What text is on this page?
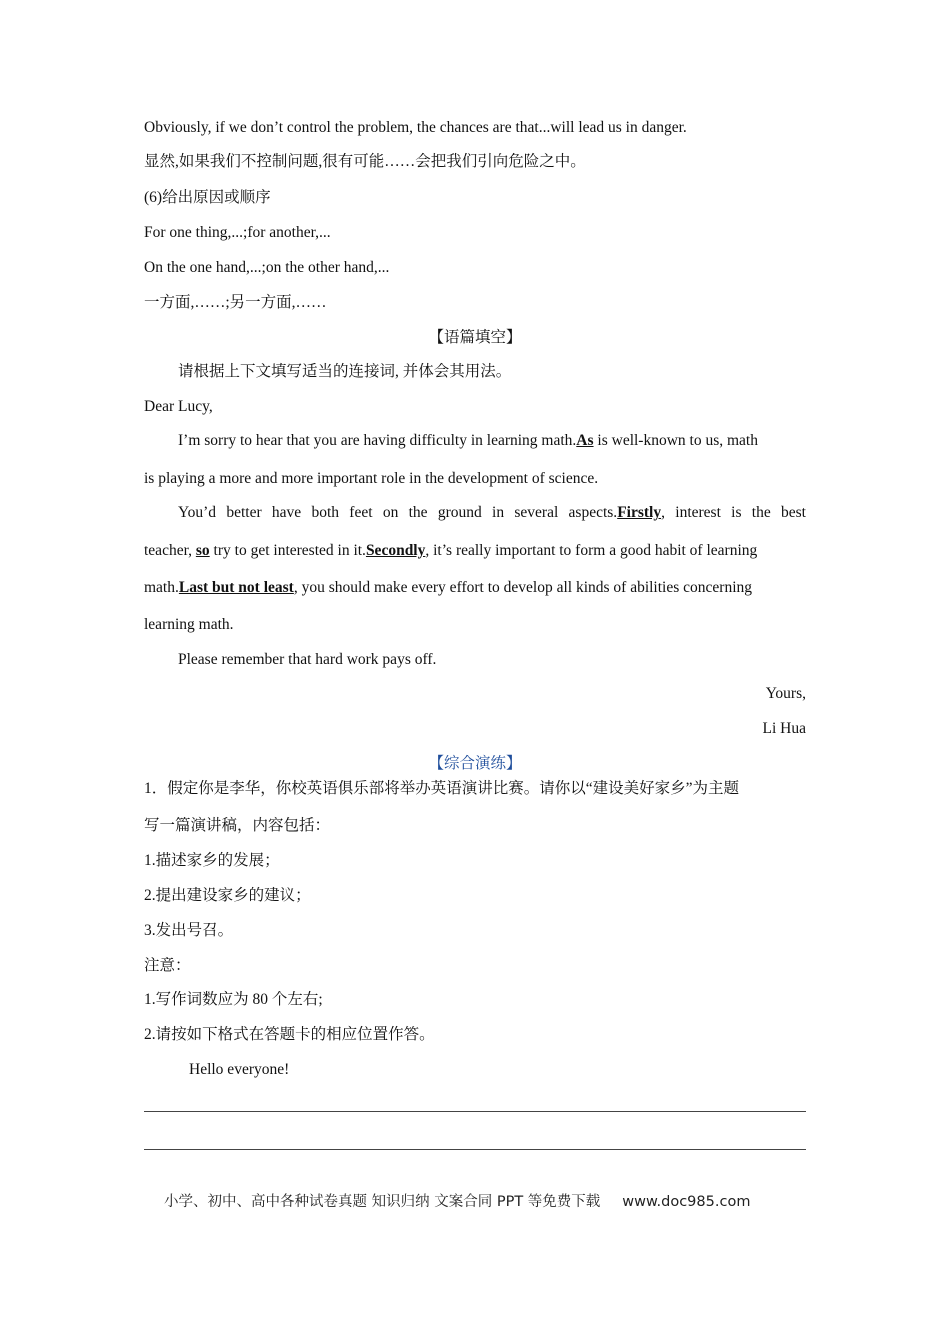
Obviously, if we don’t control the problem, the chances are that...will lead us in danger.
显然,如果我们不控制问题,很有可能……会把我们引向危险之中。
(6)给出原因或顺序
For one thing,...;for another,...
On the one hand,...;on the other hand,...
一方面,……;另一方面,……
【语篇填空】
请根据上下文填写适当的连接词, 并体会其用法。
Dear Lucy,
I’m sorry to hear that you are having difficulty in learning math.As is well-known to us, math
is playing a more and more important role in the development of science.
You’d better have both feet on the ground in several aspects.Firstly, interest is the best
teacher, so try to get interested in it.Secondly, it’s really important to form a good habit of learning
math.Last but not least, you should make every effort to develop all kinds of abilities concerning
learning math.
Please remember that hard work pays off.
Yours,
Li Hua
【综合演练】
1．假定你是李华，你校英语俱乐部将举办英语演讲比赛。请你以“建设美好家乡”为主题
写一篇演讲稿，内容包括：
1.描述家乡的发展；
2.提出建设家乡的建议；
3.发出号召。
注意：
1.写作词数应为 80 个左右;
2.请按如下格式在答题卡的相应位置作答。
Hello everyone!
小学、初中、高中各种试卷真题 知识归纳 文案合同 PPT 等免费下载 www.doc985.com
